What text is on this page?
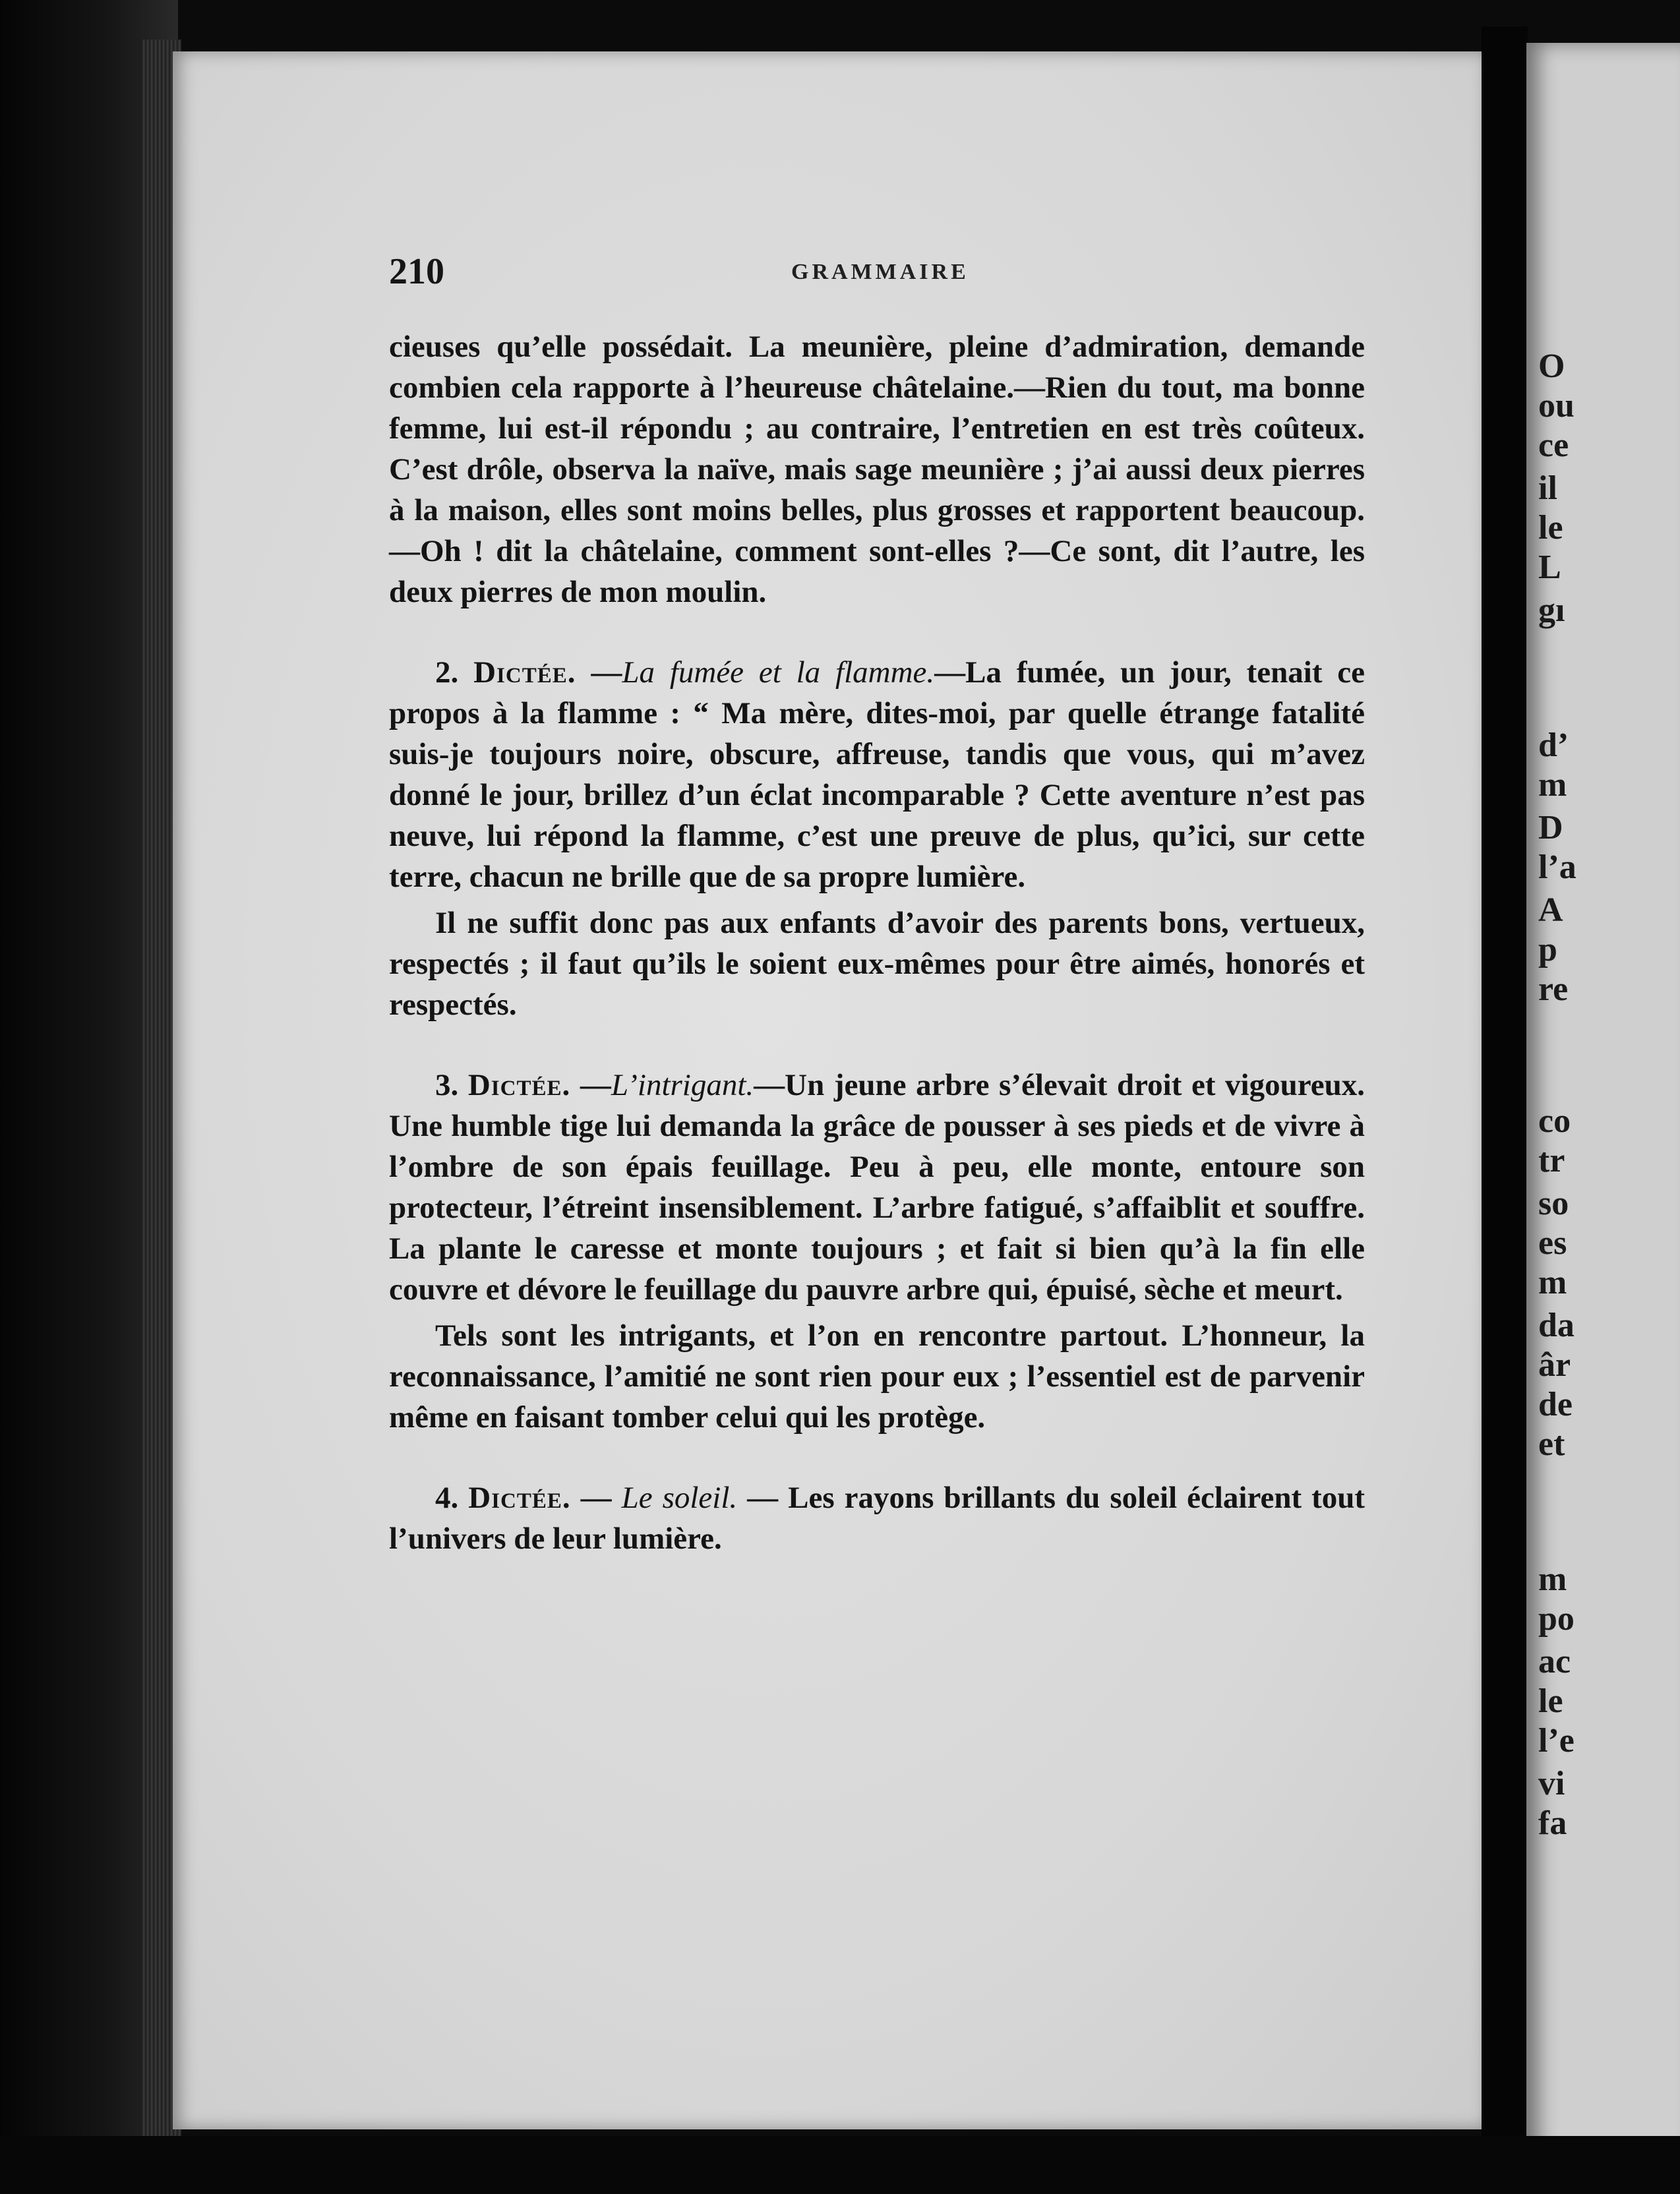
210	GRAMMAIRE

cieuses qu’elle possédait. La meunière, pleine d’admiration, demande combien cela rapporte à l’heureuse châtelaine.—Rien du tout, ma bonne femme, lui est-il répondu ; au contraire, l’entretien en est très coûteux. C’est drôle, observa la naïve, mais sage meunière ; j’ai aussi deux pierres à la maison, elles sont moins belles, plus grosses et rapportent beaucoup.—Oh ! dit la châtelaine, comment sont-elles ?—Ce sont, dit l’autre, les deux pierres de mon moulin.

2. Dictée. —La fumée et la flamme.—La fumée, un jour, tenait ce propos à la flamme : “ Ma mère, dites-moi, par quelle étrange fatalité suis-je toujours noire, obscure, affreuse, tandis que vous, qui m’avez donné le jour, brillez d’un éclat incomparable ? Cette aventure n’est pas neuve, lui répond la flamme, c’est une preuve de plus, qu’ici, sur cette terre, chacun ne brille que de sa propre lumière.

Il ne suffit donc pas aux enfants d’avoir des parents bons, vertueux, respectés ; il faut qu’ils le soient eux-mêmes pour être aimés, honorés et respectés.

3. Dictée. —L’intrigant.—Un jeune arbre s’élevait droit et vigoureux. Une humble tige lui demanda la grâce de pousser à ses pieds et de vivre à l’ombre de son épais feuillage. Peu à peu, elle monte, entoure son protecteur, l’étreint insensiblement. L’arbre fatigué, s’affaiblit et souffre. La plante le caresse et monte toujours ; et fait si bien qu’à la fin elle couvre et dévore le feuillage du pauvre arbre qui, épuisé, sèche et meurt.

Tels sont les intrigants, et l’on en rencontre partout. L’honneur, la reconnaissance, l’amitié ne sont rien pour eux ; l’essentiel est de parvenir même en faisant tomber celui qui les protège.

4. Dictée. — Le soleil. — Les rayons brillants du soleil éclairent tout l’univers de leur lumière.

O
ou
ce
il
le
L
gı
d’
m
D
l’a
A
p
re
co
tr
so
es
m
da
âr
de
et
m
po
ac
le
l’e
vi
fa
